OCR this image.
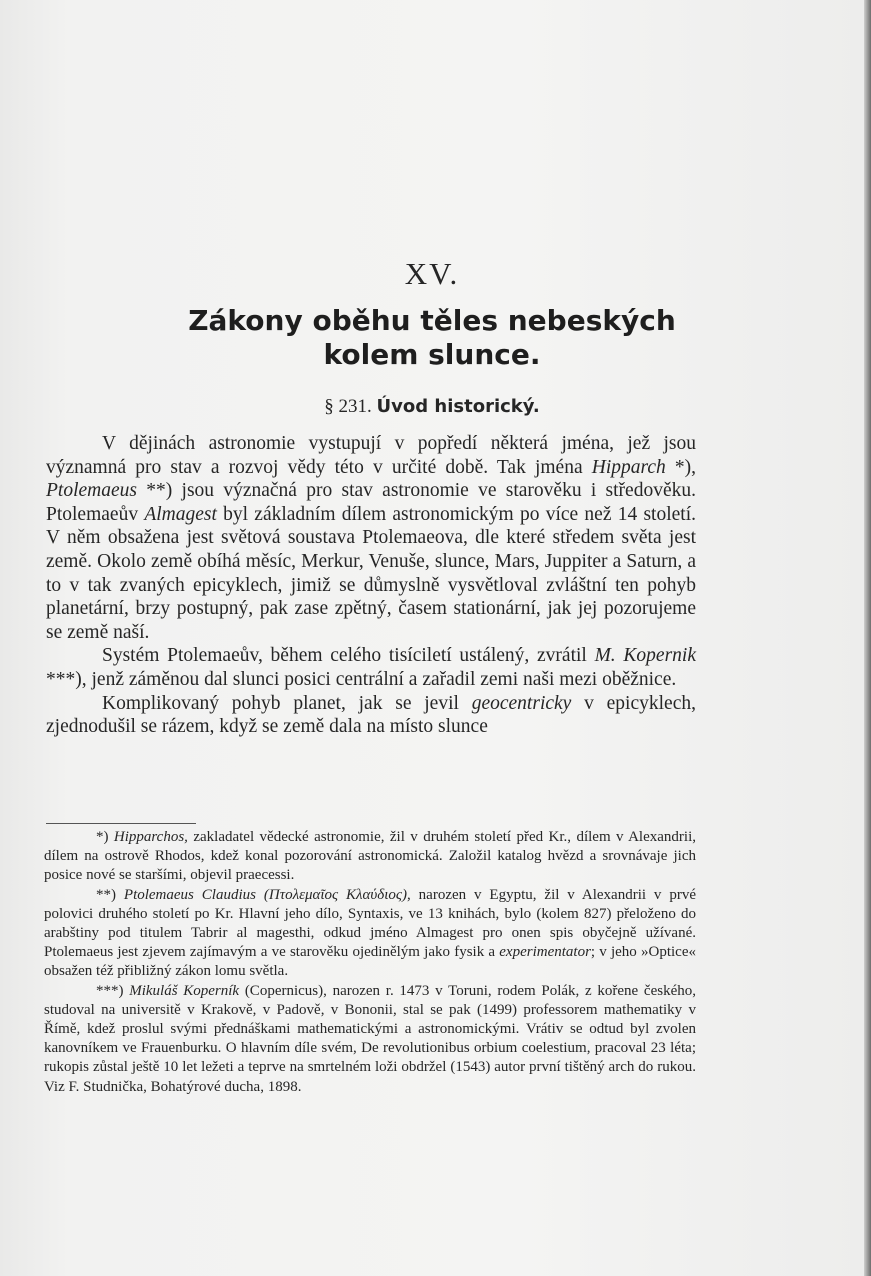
XV.
Zákony oběhu těles nebeských
kolem slunce.
§ 231. Úvod historický.

V dějinách astronomie vystupují v popředí některá jména, jež jsou významná pro stav a rozvoj vědy této v určité době. Tak jména Hipparch *), Ptolemaeus **) jsou význačná pro stav astronomie ve starověku i středověku. Ptolemaeův Almagest byl základním dílem astronomickým po více než 14 století. V něm obsažena jest světová soustava Ptolemaeova, dle které středem světa jest země. Okolo země obíhá měsíc, Merkur, Venuše, slunce, Mars, Juppiter a Saturn, a to v tak zvaných epicyklech, jimiž se důmyslně vysvětloval zvláštní ten pohyb planetární, brzy postupný, pak zase zpětný, časem stationární, jak jej pozorujeme se země naší.

Systém Ptolemaeův, během celého tisíciletí ustálený, zvrátil M. Kopernik ***), jenž záměnou dal slunci posici centrální a zařadil zemi naši mezi oběžnice.

Komplikovaný pohyb planet, jak se jevil geocentricky v epicyklech, zjednodušil se rázem, když se země dala na místo slunce

*) Hipparchos, zakladatel vědecké astronomie, žil v druhém století před Kr., dílem v Alexandrii, dílem na ostrově Rhodos, kdež konal pozorování astronomická. Založil katalog hvězd a srovnávaje jich posice nové se staršími, objevil praecessi.

**) Ptolemaeus Claudius (Πτολεμαῖος Κλαύδιος), narozen v Egyptu, žil v Alexandrii v prvé polovici druhého století po Kr. Hlavní jeho dílo, Syntaxis, ve 13 knihách, bylo (kolem 827) přeloženo do arabštiny pod titulem Tabrir al magesthi, odkud jméno Almagest pro onen spis obyčejně užívané. Ptolemaeus jest zjevem zajímavým a ve starověku ojedinělým jako fysik a experimentator; v jeho »Optice« obsažen též přibližný zákon lomu světla.

***) Mikuláš Koperník (Copernicus), narozen r. 1473 v Toruni, rodem Polák, z kořene českého, studoval na universitě v Krakově, v Padově, v Bononii, stal se pak (1499) professorem mathematiky v Římě, kdež proslul svými přednáškami mathematickými a astronomickými. Vrátiv se odtud byl zvolen kanovníkem ve Frauenburku. O hlavním díle svém, De revolutionibus orbium coelestium, pracoval 23 léta; rukopis zůstal ještě 10 let ležeti a teprve na smrtelném loži obdržel (1543) autor první tištěný arch do rukou. Viz F. Studnička, Bohatýrové ducha, 1898.
